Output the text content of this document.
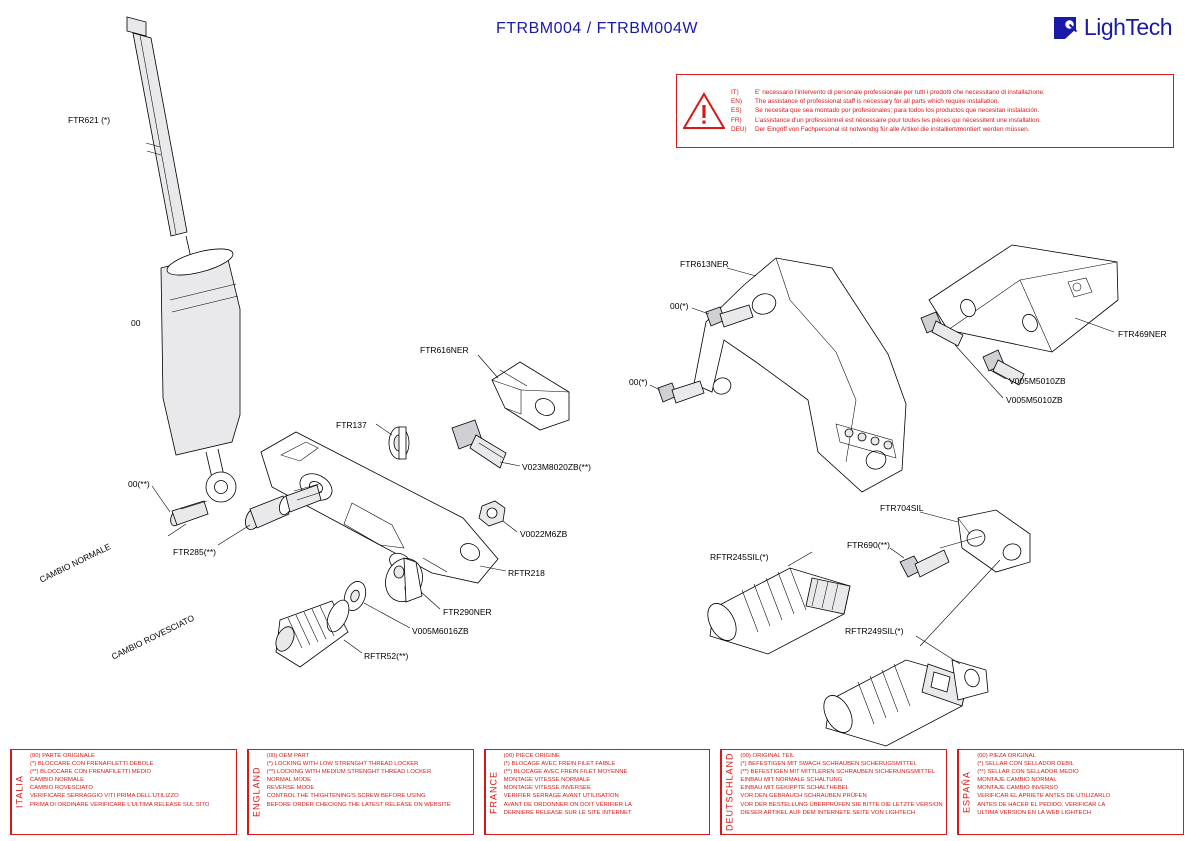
FTRBM004 / FTRBM004W	LighTech
IT)	E' necessario l'intervento di personale professionale per tutti i prodotti che necessitano di installazione.
EN) The assistance of professional staff is necessary for all parts which require installation.
ES) Se necesita que sea montado por profesionales; para todos los productos que necesitan instalación.
FR) L'assistance d'un professionnel est nécessaire pour toutes les pièces qui nécessitent une installation.
DEU) Der Eingriff von Fachpersonal ist notwendig für alle Artikel die installiert/montiert werden müssen.
FTR621 (*)
00
00(**)
FTR285(**)
CAMBIO NORMALE
CAMBIO ROVESCIATO
FTR137
FTR616NER
V023M8020ZB(**)
V0022M6ZB
RFTR218
FTR290NER
V005M6016ZB
RFTR52(**)
FTR613NER
00(*)
00(*)
FTR469NER
V005M5010ZB
V005M5010ZB
FTR704SIL
FTR690(**)
RFTR245SIL(*)
RFTR249SIL(*)
ITALIA
(00) PARTE ORIGINALE
(*) BLOCCARE CON FRENAFILETTI DEBOLE
(**) BLOCCARE CON FRENAFILETTI MEDIO
CAMBIO NORMALE
CAMBIO ROVESCIATO
VERIFICARE SERRAGGIO VITI PRIMA DELL'UTILIZZO
PRIMA DI ORDINARE VERIFICARE L'ULTIMA RELEASE SUL SITO	ENGLAND
(00) OEM PART
(*) LOCKING WITH LOW STRENGHT THREAD LOCKER
(**) LOCKING WITH MEDIUM STRENGHT THREAD LOCKER
NORMAL MODE
REVERSE MODE
CONTROL THE THIGHTENING'S SCREW BEFORE USING
BEFORE ORDER CHECKING THE LATEST RELEASE ON WEBSITE	FRANCE
(00) PIECE ORIGINE
(*) BLOCAGE AVEC FREIN FILET FAIBLE
(**) BLOCAGE AVEC FREIN FILET MOYENNE
MONTAGE VITESSE NORMALE
MONTAGE VITESSE INVERSEE
VERIFIER SERRAGE AVANT UTILISATION
AVANT DE ORDONNER ON DOIT VÉRIFIER LA
DERNIERE RELEASE SUR LE SITE INTERNET	DEUTSCHLAND (00) ORIGINAL TEIL
(*) BEFESTIGEN MIT SWACH SCHRAUBEN SICHERUGSMITTEL
(**) BEFESTIGEN MIT MITTLEREN SCHRAUBEN SICHERUNGSMITTEL
EINBAU MIT NORMALE SCHALTUNG
EINBAU MIT GEKIPPTE SCHALTHEBEL
VOR DEN GEBRAUCH SCHRAUBEN PRÜFEN
VOR DER BESTELLUNG ÜBERPRÜFEN SIE BITTE DIE LETZTE VERSION
DIESER ARTIKEL AUF DEM INTERNETE SEITE VON LIGHTECH	ESPAÑA
(00) PIEZA ORIGINAL
(*) SELLAR CON SELLADOR DEBIL
(**) SELLAR CON SELLADOR MEDIO
MONTAJE CAMBIO NORMAL
MONTAJE CAMBIO INVERSO
VERIFICAR EL APRIETE ANTES DE UTILIZARLO
ANTES DE HACER EL PEDIDO, VERIFICAR LA
ULTIMA VERSION EN LA WEB LIGHTECH
